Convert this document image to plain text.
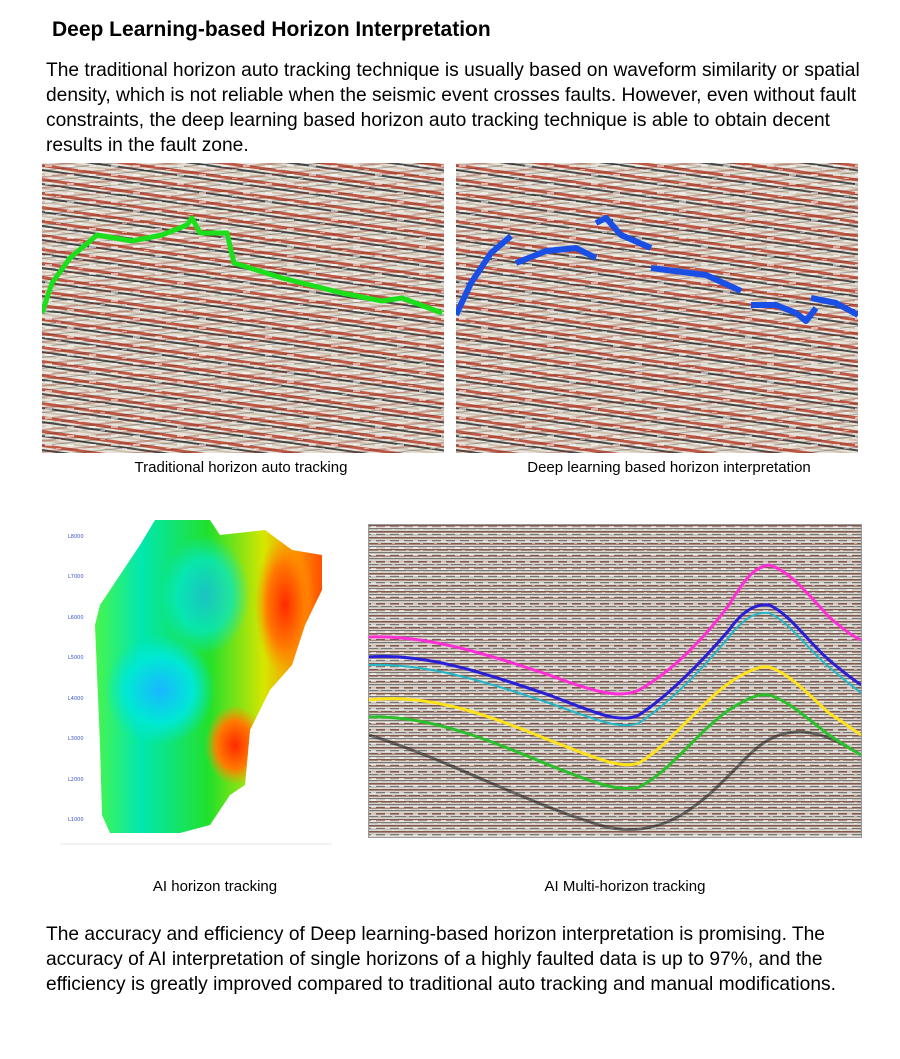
Deep Learning-based Horizon Interpretation

The traditional horizon auto tracking technique is usually based on waveform similarity or spatial density, which is not reliable when the seismic event crosses faults. However, even without fault constraints, the deep learning based horizon auto tracking technique is able to obtain decent results in the fault zone.

Traditional horizon auto tracking	Deep learning based horizon interpretation
L8000
L7000
L6000
L5000
L4000
L3000
L2000
L1000
AI horizon tracking	AI Multi-horizon tracking

The accuracy and efficiency of Deep learning-based horizon interpretation is promising. The accuracy of AI interpretation of single horizons of a highly faulted data is up to 97%, and the efficiency is greatly improved compared to traditional auto tracking and manual modifications.
